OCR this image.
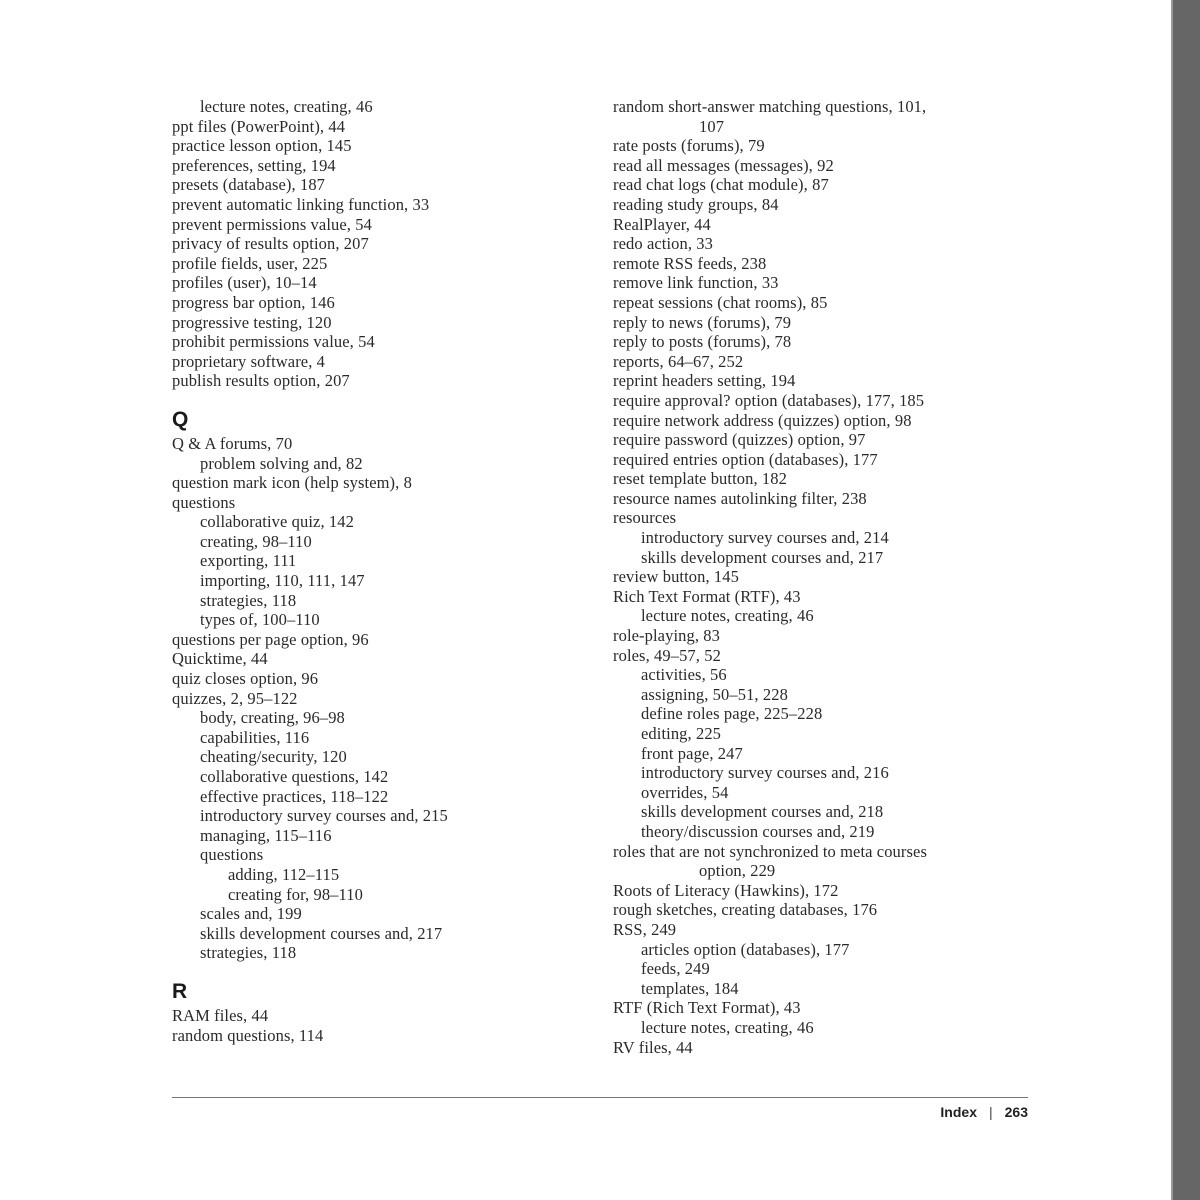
lecture notes, creating, 46
ppt files (PowerPoint), 44
practice lesson option, 145
preferences, setting, 194
presets (database), 187
prevent automatic linking function, 33
prevent permissions value, 54
privacy of results option, 207
profile fields, user, 225
profiles (user), 10–14
progress bar option, 146
progressive testing, 120
prohibit permissions value, 54
proprietary software, 4
publish results option, 207
Q
Q & A forums, 70
problem solving and, 82
question mark icon (help system), 8
questions
collaborative quiz, 142
creating, 98–110
exporting, 111
importing, 110, 111, 147
strategies, 118
types of, 100–110
questions per page option, 96
Quicktime, 44
quiz closes option, 96
quizzes, 2, 95–122
body, creating, 96–98
capabilities, 116
cheating/security, 120
collaborative questions, 142
effective practices, 118–122
introductory survey courses and, 215
managing, 115–116
questions
adding, 112–115
creating for, 98–110
scales and, 199
skills development courses and, 217
strategies, 118
R
RAM files, 44
random questions, 114
random short-answer matching questions, 101,
107
rate posts (forums), 79
read all messages (messages), 92
read chat logs (chat module), 87
reading study groups, 84
RealPlayer, 44
redo action, 33
remote RSS feeds, 238
remove link function, 33
repeat sessions (chat rooms), 85
reply to news (forums), 79
reply to posts (forums), 78
reports, 64–67, 252
reprint headers setting, 194
require approval? option (databases), 177, 185
require network address (quizzes) option, 98
require password (quizzes) option, 97
required entries option (databases), 177
reset template button, 182
resource names autolinking filter, 238
resources
introductory survey courses and, 214
skills development courses and, 217
review button, 145
Rich Text Format (RTF), 43
lecture notes, creating, 46
role-playing, 83
roles, 49–57, 52
activities, 56
assigning, 50–51, 228
define roles page, 225–228
editing, 225
front page, 247
introductory survey courses and, 216
overrides, 54
skills development courses and, 218
theory/discussion courses and, 219
roles that are not synchronized to meta courses
option, 229
Roots of Literacy (Hawkins), 172
rough sketches, creating databases, 176
RSS, 249
articles option (databases), 177
feeds, 249
templates, 184
RTF (Rich Text Format), 43
lecture notes, creating, 46
RV files, 44
Index | 263
